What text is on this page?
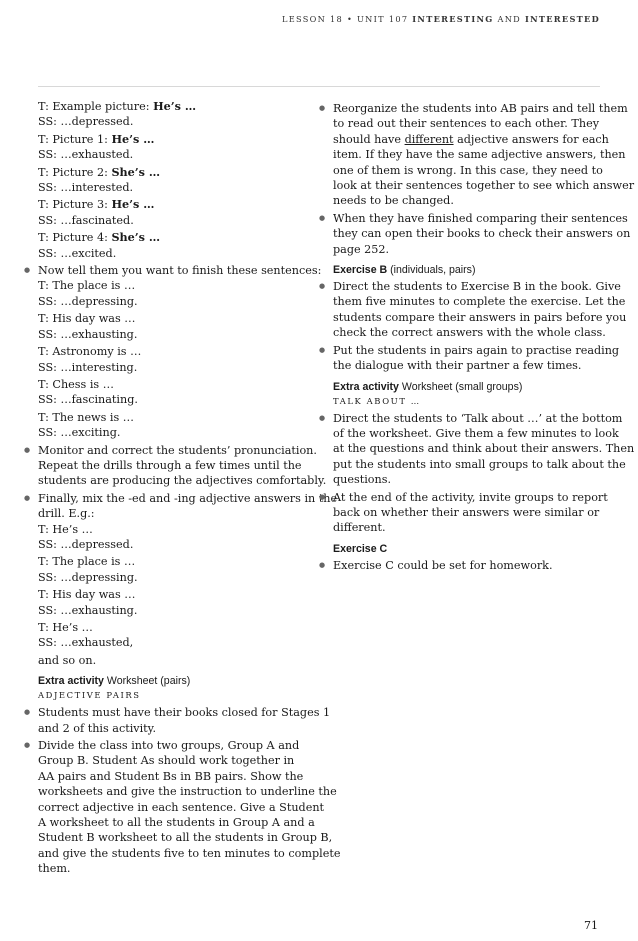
LESSON 18 • UNIT 107 INTERESTING AND INTERESTED
T: Example picture: He’s …
SS: …depressed.
T: Picture 1: He’s …
SS: …exhausted.
T: Picture 2: She’s …
SS: …interested.
T: Picture 3: He’s …
SS: …fascinated.
T: Picture 4: She’s …
SS: …excited.
● Now tell them you want to finish these sentences:
T: The place is …
SS: …depressing.
T: His day was …
SS: …exhausting.
T: Astronomy is …
SS: …interesting.
T: Chess is …
SS: …fascinating.
T: The news is …
SS: …exciting.
● Monitor and correct the students’ pronunciation.
Repeat the drills through a few times until the
students are producing the adjectives comfortably.
● Finally, mix the -ed and -ing adjective answers in the
drill. E.g.:
T: He’s …
SS: …depressed.
T: The place is …
SS: …depressing.
T: His day was …
SS: …exhausting.
T: He’s …
SS: …exhausted,
and so on.
Extra activity Worksheet (pairs)
ADJECTIVE PAIRS
● Students must have their books closed for Stages 1
and 2 of this activity.
● Divide the class into two groups, Group A and
Group B. Student As should work together in
AA pairs and Student Bs in BB pairs. Show the
worksheets and give the instruction to underline the
correct adjective in each sentence. Give a Student
A worksheet to all the students in Group A and a
Student B worksheet to all the students in Group B,
and give the students five to ten minutes to complete
them.
● Reorganize the students into AB pairs and tell them
to read out their sentences to each other. They
should have different adjective answers for each
item. If they have the same adjective answers, then
one of them is wrong. In this case, they need to
look at their sentences together to see which answer
needs to be changed.
● When they have finished comparing their sentences
they can open their books to check their answers on
page 252.
Exercise B (individuals, pairs)
● Direct the students to Exercise B in the book. Give
them five minutes to complete the exercise. Let the
students compare their answers in pairs before you
check the correct answers with the whole class.
● Put the students in pairs again to practise reading
the dialogue with their partner a few times.
Extra activity Worksheet (small groups)
TALK ABOUT …
● Direct the students to ‘Talk about …’ at the bottom
of the worksheet. Give them a few minutes to look
at the questions and think about their answers. Then
put the students into small groups to talk about the
questions.
● At the end of the activity, invite groups to report
back on whether their answers were similar or
different.
Exercise C
● Exercise C could be set for homework.
71
